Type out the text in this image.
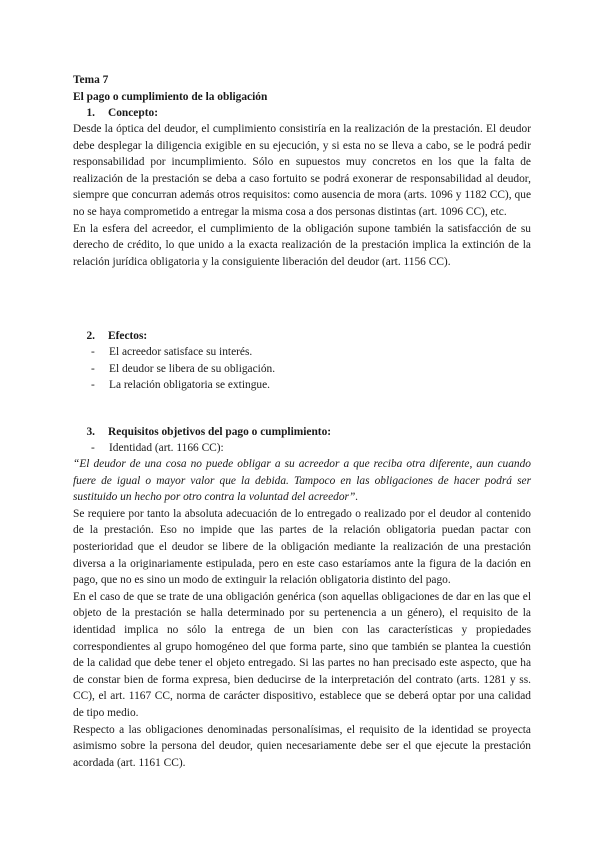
Tema 7
El pago o cumplimiento de la obligación
1. Concepto:

Desde la óptica del deudor, el cumplimiento consistiría en la realización de la prestación. El deudor debe desplegar la diligencia exigible en su ejecución, y si esta no se lleva a cabo, se le podrá pedir responsabilidad por incumplimiento. Sólo en supuestos muy concretos en los que la falta de realización de la prestación se deba a caso fortuito se podrá exonerar de responsabilidad al deudor, siempre que concurran además otros requisitos: como ausencia de mora (arts. 1096 y 1182 CC), que no se haya comprometido a entregar la misma cosa a dos personas distintas (art. 1096 CC), etc.

En la esfera del acreedor, el cumplimiento de la obligación supone también la satisfacción de su derecho de crédito, lo que unido a la exacta realización de la prestación implica la extinción de la relación jurídica obligatoria y la consiguiente liberación del deudor (art. 1156 CC).

2. Efectos:
- El acreedor satisface su interés.
- El deudor se libera de su obligación.
- La relación obligatoria se extingue.
3. Requisitos objetivos del pago o cumplimiento:
- Identidad (art. 1166 CC):

“El deudor de una cosa no puede obligar a su acreedor a que reciba otra diferente, aun cuando fuere de igual o mayor valor que la debida. Tampoco en las obligaciones de hacer podrá ser sustituido un hecho por otro contra la voluntad del acreedor”.

Se requiere por tanto la absoluta adecuación de lo entregado o realizado por el deudor al contenido de la prestación. Eso no impide que las partes de la relación obligatoria puedan pactar con posterioridad que el deudor se libere de la obligación mediante la realización de una prestación diversa a la originariamente estipulada, pero en este caso estaríamos ante la figura de la dación en pago, que no es sino un modo de extinguir la relación obligatoria distinto del pago.

En el caso de que se trate de una obligación genérica (son aquellas obligaciones de dar en las que el objeto de la prestación se halla determinado por su pertenencia a un género), el requisito de la identidad implica no sólo la entrega de un bien con las características y propiedades correspondientes al grupo homogéneo del que forma parte, sino que también se plantea la cuestión de la calidad que debe tener el objeto entregado. Si las partes no han precisado este aspecto, que ha de constar bien de forma expresa, bien deducirse de la interpretación del contrato (arts. 1281 y ss. CC), el art. 1167 CC, norma de carácter dispositivo, establece que se deberá optar por una calidad de tipo medio.

Respecto a las obligaciones denominadas personalísimas, el requisito de la identidad se proyecta asimismo sobre la persona del deudor, quien necesariamente debe ser el que ejecute la prestación acordada (art. 1161 CC).
